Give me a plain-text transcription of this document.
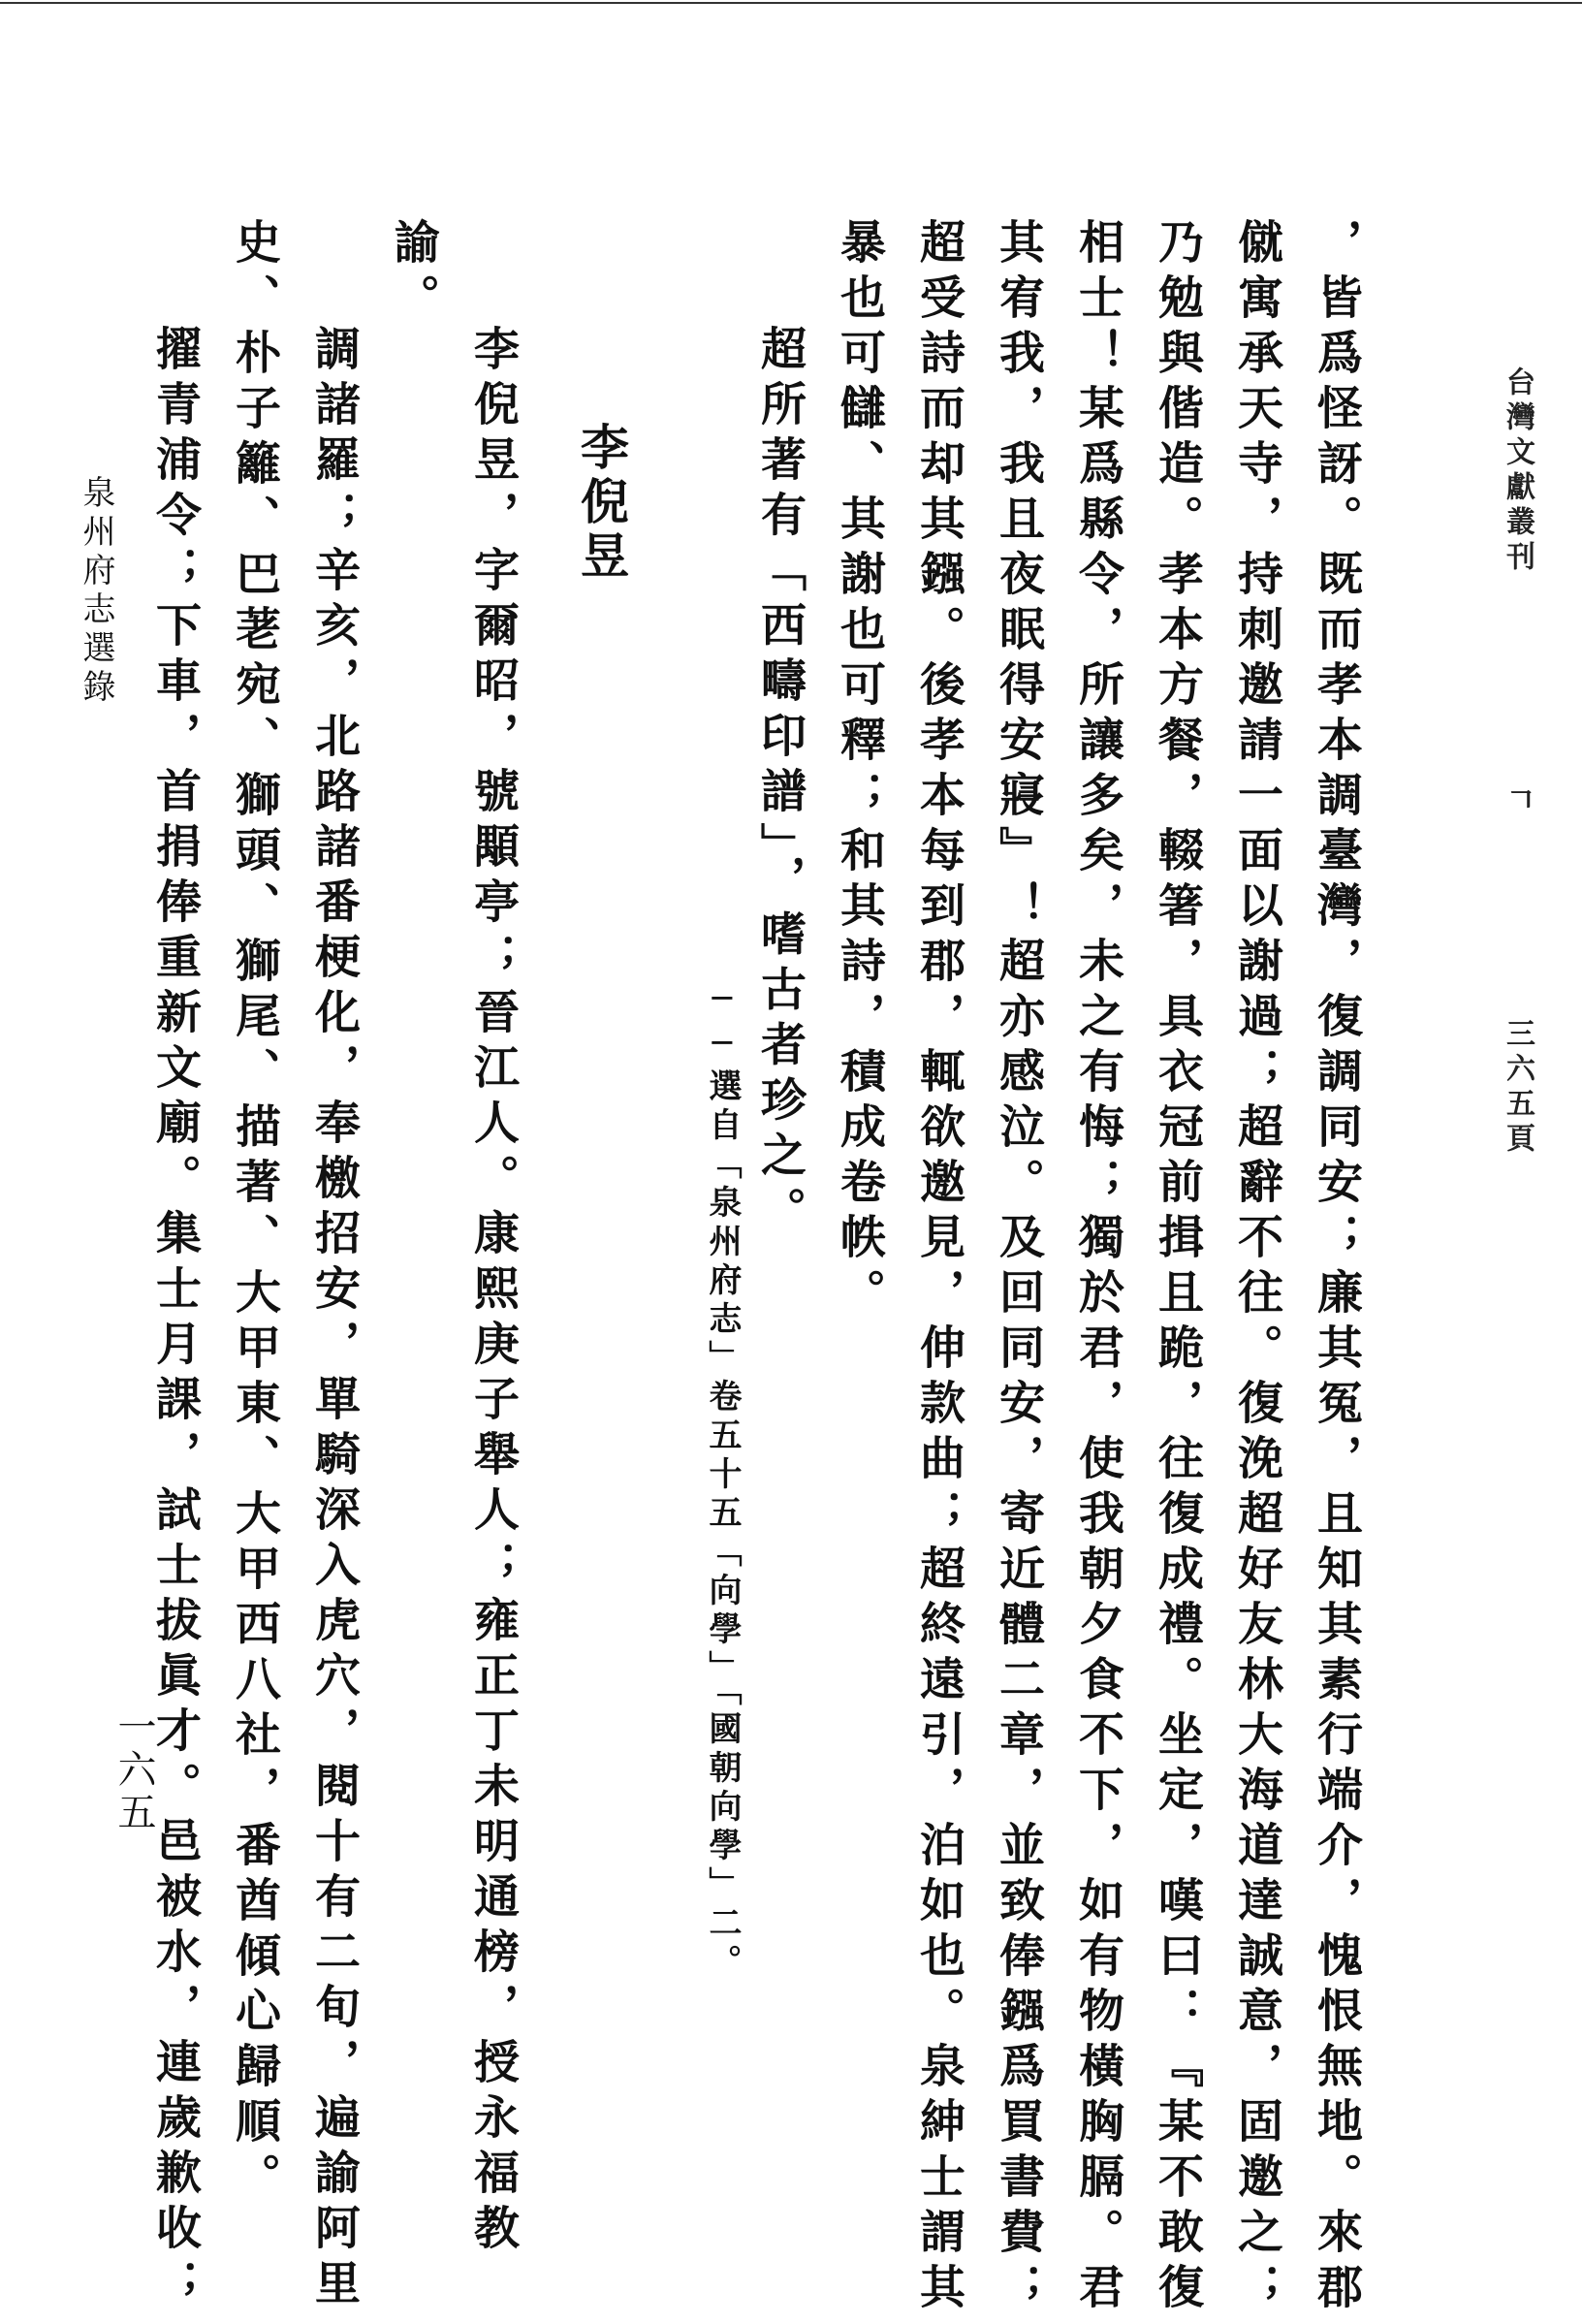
台灣文獻叢刊
𠃍
三六五頁
，皆爲怪訝。既而孝本調臺灣，復調同安；廉其冤，且知其素行端介，愧恨無地。來郡
僦寓承天寺，持刺邀請一面以謝過；超辭不往。復浼超好友林大海道達誠意，固邀之；
乃勉與偕造。孝本方餐，輟箸，具衣冠前揖且跪，往復成禮。坐定，嘆曰：『某不敢復
相士！某爲縣令，所讓多矣，未之有悔；獨於君，使我朝夕食不下，如有物橫胸膈。君
其宥我，我且夜眠得安寢』！超亦感泣。及回同安，寄近體二章，並致俸鏹爲買書費；
超受詩而却其鏹。後孝本每到郡，輒欲邀見，伸款曲；超終遠引，泊如也。泉紳士謂其
暴也可讎、其謝也可釋；和其詩，積成卷帙。
超所著有「西疇印譜」，嗜古者珍之。
──選自「泉州府志」卷五十五「向學」「國朝向學」二。
李倪昱
李倪昱，字爾昭，號顒亭；晉江人。康熙庚子舉人；雍正丁未明通榜，授永福教
諭。
調諸羅；辛亥，北路諸番梗化，奉檄招安，單騎深入虎穴，閱十有二旬，遍諭阿里
史、朴子籬、巴荖宛、獅頭、獅尾、描著、大甲東、大甲西八社，番酋傾心歸順。
擢青浦令；下車，首捐俸重新文廟。集士月課，試士拔眞才。邑被水，連歲歉收；
泉州府志選錄
一六五
